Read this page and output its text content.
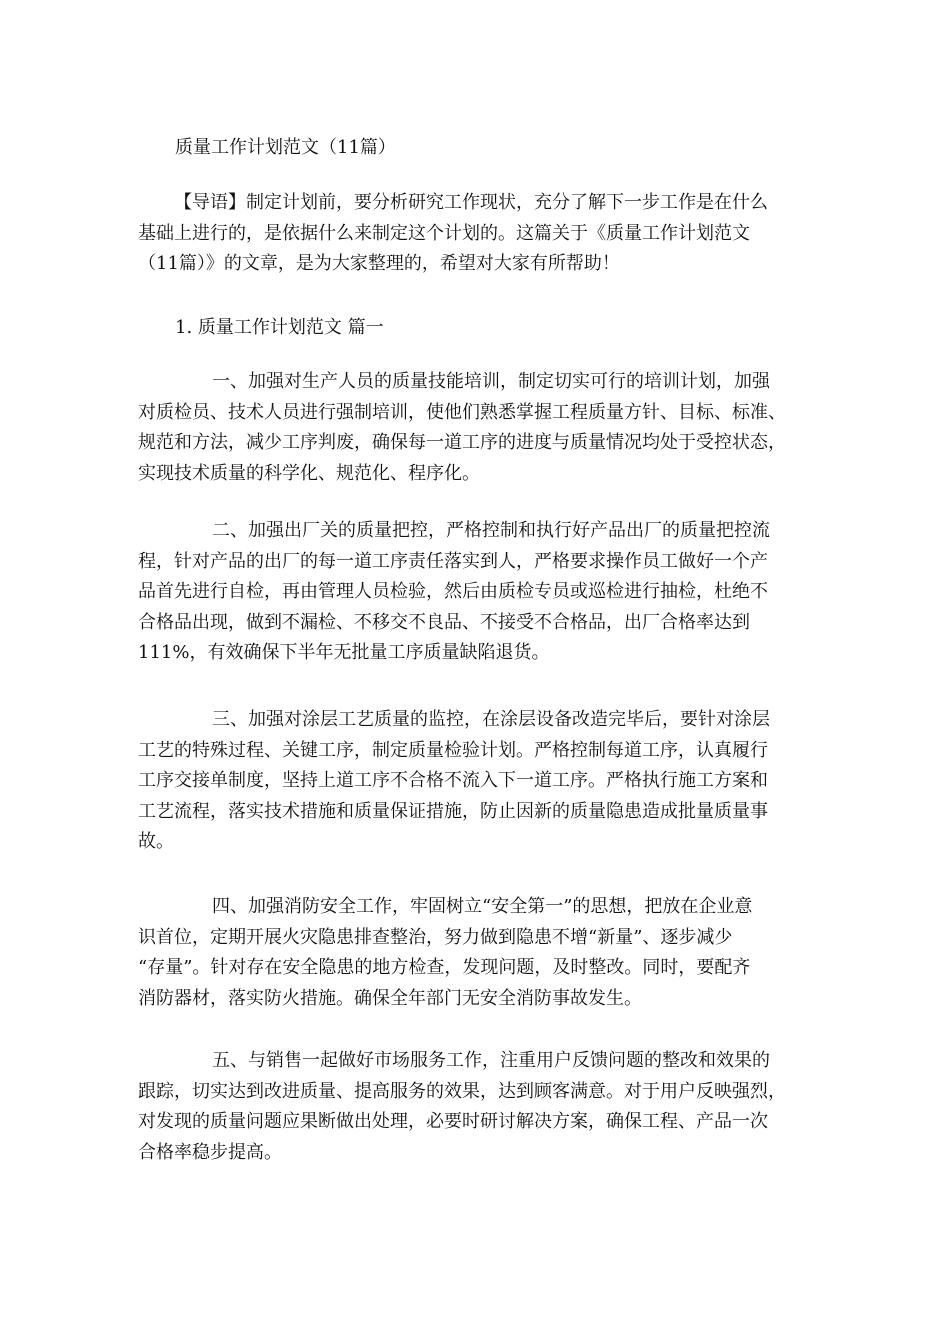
质量工作计划范文（11篇）
【导语】制定计划前，要分析研究工作现状，充分了解下一步工作是在什么
基础上进行的，是依据什么来制定这个计划的。这篇关于《质量工作计划范文
（11篇）》的文章，是为大家整理的，希望对大家有所帮助！
1. 质量工作计划范文 篇一
一、加强对生产人员的质量技能培训，制定切实可行的培训计划，加强
对质检员、技术人员进行强制培训，使他们熟悉掌握工程质量方针、目标、标准、
规范和方法，减少工序判废，确保每一道工序的进度与质量情况均处于受控状态，
实现技术质量的科学化、规范化、程序化。
二、加强出厂关的质量把控，严格控制和执行好产品出厂的质量把控流
程，针对产品的出厂的每一道工序责任落实到人，严格要求操作员工做好一个产
品首先进行自检，再由管理人员检验，然后由质检专员或巡检进行抽检，杜绝不
合格品出现，做到不漏检、不移交不良品、不接受不合格品，出厂合格率达到
111%，有效确保下半年无批量工序质量缺陷退货。
三、加强对涂层工艺质量的监控，在涂层设备改造完毕后，要针对涂层
工艺的特殊过程、关键工序，制定质量检验计划。严格控制每道工序，认真履行
工序交接单制度，坚持上道工序不合格不流入下一道工序。严格执行施工方案和
工艺流程，落实技术措施和质量保证措施，防止因新的质量隐患造成批量质量事
故。
四、加强消防安全工作，牢固树立“安全第一”的思想，把放在企业意
识首位，定期开展火灾隐患排查整治，努力做到隐患不增“新量”、逐步减少
“存量”。针对存在安全隐患的地方检查，发现问题，及时整改。同时，要配齐
消防器材，落实防火措施。确保全年部门无安全消防事故发生。
五、与销售一起做好市场服务工作，注重用户反馈问题的整改和效果的
跟踪，切实达到改进质量、提高服务的效果，达到顾客满意。对于用户反映强烈，
对发现的质量问题应果断做出处理，必要时研讨解决方案，确保工程、产品一次
合格率稳步提高。
